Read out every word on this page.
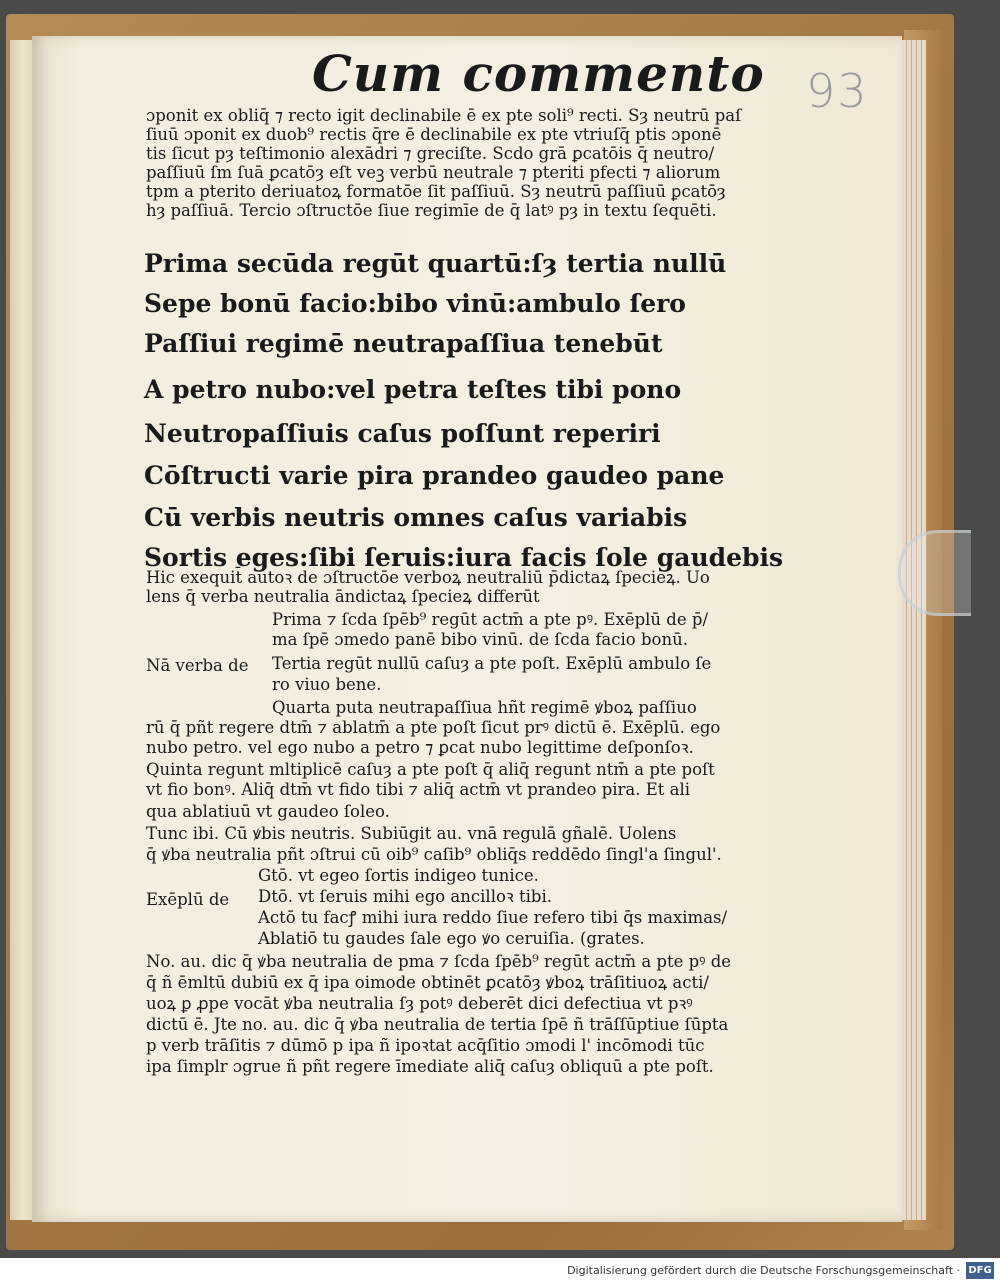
93
Cum commento
ɔponit ex obliq̄ ⁊ recto igit declinabile ē ex pte soli⁹ recti. Sȝ neutrū paſ
ſiuū ɔponit ex duob⁹ rectis q̄re ē declinabile ex pte vtriuſq̄ ptis ɔponē
tis ſicut pȝ teſtimonio alexādri ⁊ greciſte. Scdo grā ꝑcatōis q̄ neutro/
paſſiuū ſm ſuā ꝑcatōȝ eſt veꝫ verbū neutrale ⁊ pteriti pfecti ⁊ aliorum
tpm a pterito deriuatoꝝ formatōe ſit paſſiuū. Sȝ neutrū paſſiuū ꝑcatōȝ
hȝ paſſiuā. Tercio ɔſtructōe ſiue regimīe de q̄ latꝰ pȝ in textu ſequēti.
Prima secūda regūt quartū:ſȝ tertia nullū
Sepe bonū facio:bibo vinū:ambulo ſero
Paſſiui regimē neutrapaſſiua tenebūt
A petro nubo:vel petra teſtes tibi pono
Neutropaſſiuis caſus poſſunt reperiri
Cōſtructi varie pira prandeo gaudeo pane
Cū verbis neutris omnes caſus variabis
Sortis eges:ſibi ſeruis:iura facis ſole gaudebis
Hic exequit̄ autoꝛ de ɔſtructōe verboꝝ neutraliū p̄dictaꝝ ſpecieꝝ. Uo
lens q̄ verba neutralia āndictaꝝ ſpecieꝝ differūt
Nā verba de
Prima ⁊ ſcda ſpēb⁹ regūt actm̄ a pte pꝰ. Exēplū de p̄/
ma ſpē ɔmedo panē bibo vinū. de ſcda facio bonū.
Tertia regūt nullū caſuȝ a pte poſt. Exēplū ambulo ſe
ro viuo bene.
Quarta puta neutrapaſſiua hñt regimē ꝟboꝝ paſſiuo
rū q̄ pñt regere dtm̄ ⁊ ablatm̄ a pte poſt ſicut prꝰ dictū ē. Exēplū. ego
nubo petro. vel ego nubo a petro ⁊ ꝑcat nubo legittime deſponſoꝛ.
Quinta regunt mltiplicē caſuȝ a pte poſt q̄ aliq̄ regunt ntm̄ a pte poſt
vt fio bonꝰ. Aliq̄ dtm̄ vt fido tibi ⁊ aliq̄ actm̄ vt prandeo pira. Et ali
qua ablatiuū vt gaudeo ſoleo.
Tunc ibi. Cū ꝟbis neutris. Subiūgit au. vnā regulā gñalē. Uolens
q̄ ꝟba neutralia pñt ɔſtrui cū oib⁹ caſib⁹ obliq̄s reddēdo ſingl'a ſingul'.
Exēplū de
Gtō. vt egeo ſortis indigeo tunice.
Dtō. vt ſeruis mihi ego ancilloꝛ tibi.
Actō tu facꝭ mihi iura reddo ſiue refero tibi q̄s maximas/
Ablatiō tu gaudes ſale ego ꝟo ceruiſia. (grates.
No. au. dic q̄ ꝟba neutralia de pma ⁊ ſcda ſpēb⁹ regūt actm̄ a pte pꝰ de
q̄ ñ ēmltū dubiū ex q̄ ipa oimode obtinēt ꝑcatōȝ ꝟboꝝ trāſitiuoꝝ acti/
uoꝝ ꝑ ꝓpe vocāt ꝟba neutralia ſȝ potꝰ deberēt dici defectiua vt pꝛꝰ
dictū ē. Jte no. au. dic q̄ ꝟba neutralia de tertia ſpē ñ trāſſūptiue ſūpta
p verb trāſitis ⁊ dūmō p ipa ñ ipoꝛtat acq̄ſitio ɔmodi l' incōmodi tūc
ipa ſimplr ɔgrue ñ pñt regere īmediate aliq̄ caſuȝ obliquū a pte poſt.
Digitalisierung gefördert durch die Deutsche Forschungsgemeinschaft · DFG
